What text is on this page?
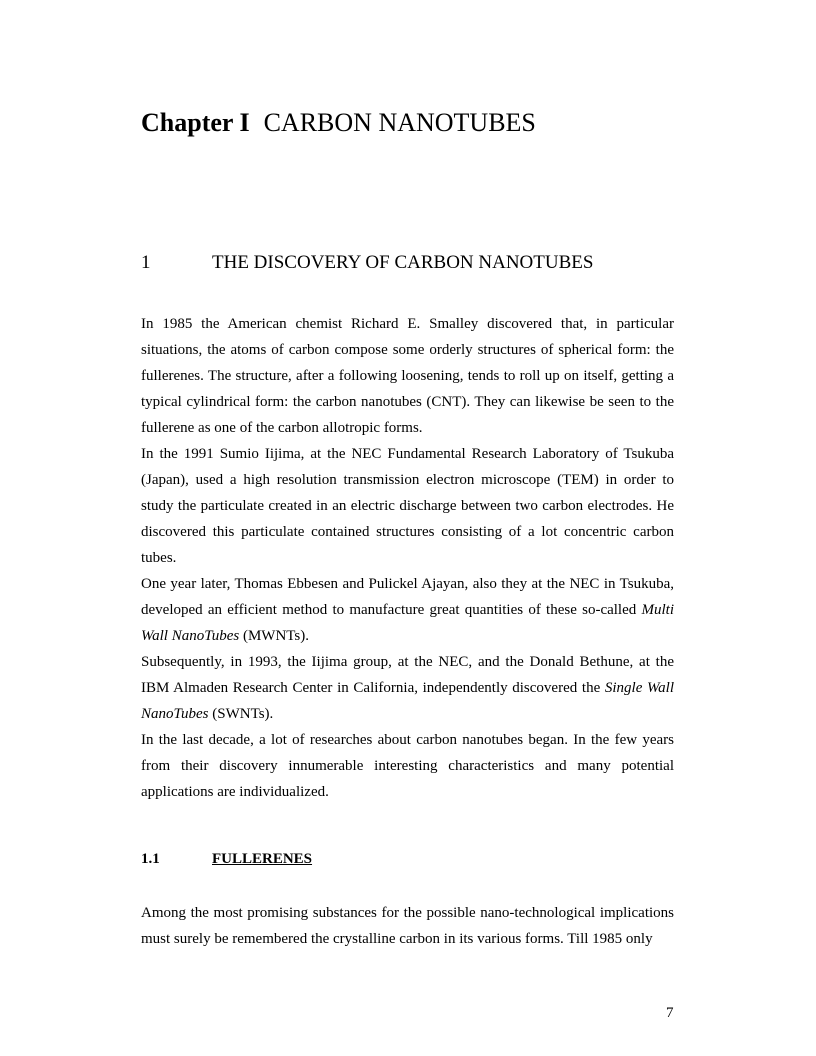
Chapter I CARBON NANOTUBES
1	THE DISCOVERY OF CARBON NANOTUBES

In 1985 the American chemist Richard E. Smalley discovered that, in particular situations, the atoms of carbon compose some orderly structures of spherical form: the fullerenes. The structure, after a following loosening, tends to roll up on itself, getting a typical cylindrical form: the carbon nanotubes (CNT). They can likewise be seen to the fullerene as one of the carbon allotropic forms.

In the 1991 Sumio Iijima, at the NEC Fundamental Research Laboratory of Tsukuba (Japan), used a high resolution transmission electron microscope (TEM) in order to study the particulate created in an electric discharge between two carbon electrodes. He discovered this particulate contained structures consisting of a lot concentric carbon tubes.

One year later, Thomas Ebbesen and Pulickel Ajayan, also they at the NEC in Tsukuba, developed an efficient method to manufacture great quantities of these so-called Multi Wall NanoTubes (MWNTs).

Subsequently, in 1993, the Iijima group, at the NEC, and the Donald Bethune, at the IBM Almaden Research Center in California, independently discovered the Single Wall NanoTubes (SWNTs).

In the last decade, a lot of researches about carbon nanotubes began. In the few years from their discovery innumerable interesting characteristics and many potential applications are individualized.

1.1	FULLERENES

Among the most promising substances for the possible nano-technological implications must surely be remembered the crystalline carbon in its various forms. Till 1985 only

7
